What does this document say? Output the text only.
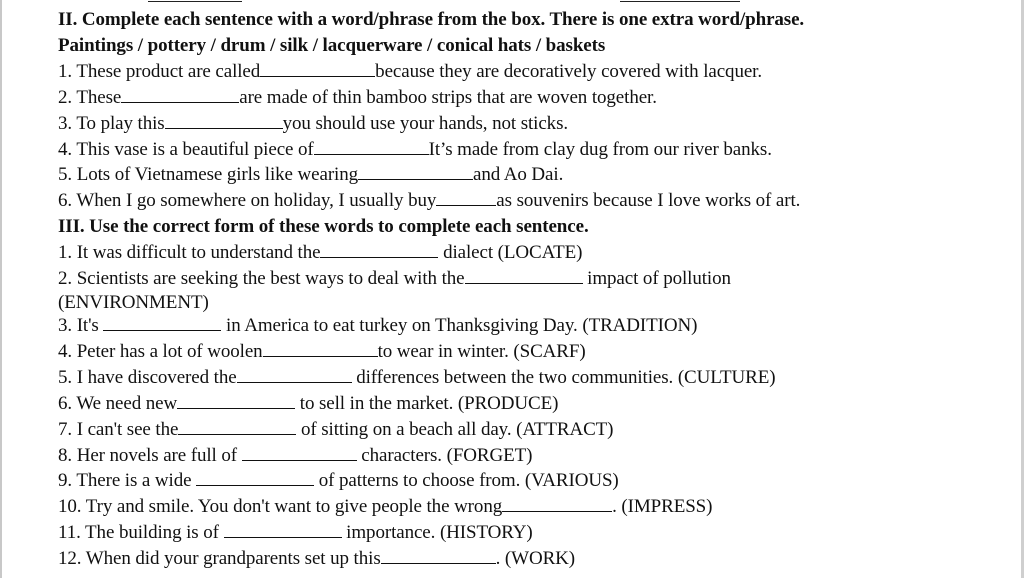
II. Complete each sentence with a word/phrase from the box. There is one extra word/phrase.
Paintings / pottery / drum / silk / lacquerware / conical hats / baskets
1. These product are called	because they are decoratively covered with lacquer.
2. These	are made of thin bamboo strips that are woven together.
3. To play this	you should use your hands, not sticks.
4. This vase is a beautiful piece of	It’s made from clay dug from our river banks.
5. Lots of Vietnamese girls like wearing	and Ao Dai.
6. When I go somewhere on holiday, I usually buy	as souvenirs because I love works of art.
III. Use the correct form of these words to complete each sentence.
1. It was difficult to understand the	dialect (LOCATE)
2. Scientists are seeking the best ways to deal with the	impact of pollution
(ENVIRONMENT)
3. It's	in America to eat turkey on Thanksgiving Day. (TRADITION)
4. Peter has a lot of woolen	to wear in winter. (SCARF)
5. I have discovered the	differences between the two communities. (CULTURE)
6. We need new	to sell in the market. (PRODUCE)
7. I can't see the	of sitting on a beach all day. (ATTRACT)
8. Her novels are full of	characters. (FORGET)
9. There is a wide	of patterns to choose from. (VARIOUS)
10. Try and smile. You don't want to give people the wrong	. (IMPRESS)
11. The building is of	importance. (HISTORY)
12. When did your grandparents set up this	. (WORK)
